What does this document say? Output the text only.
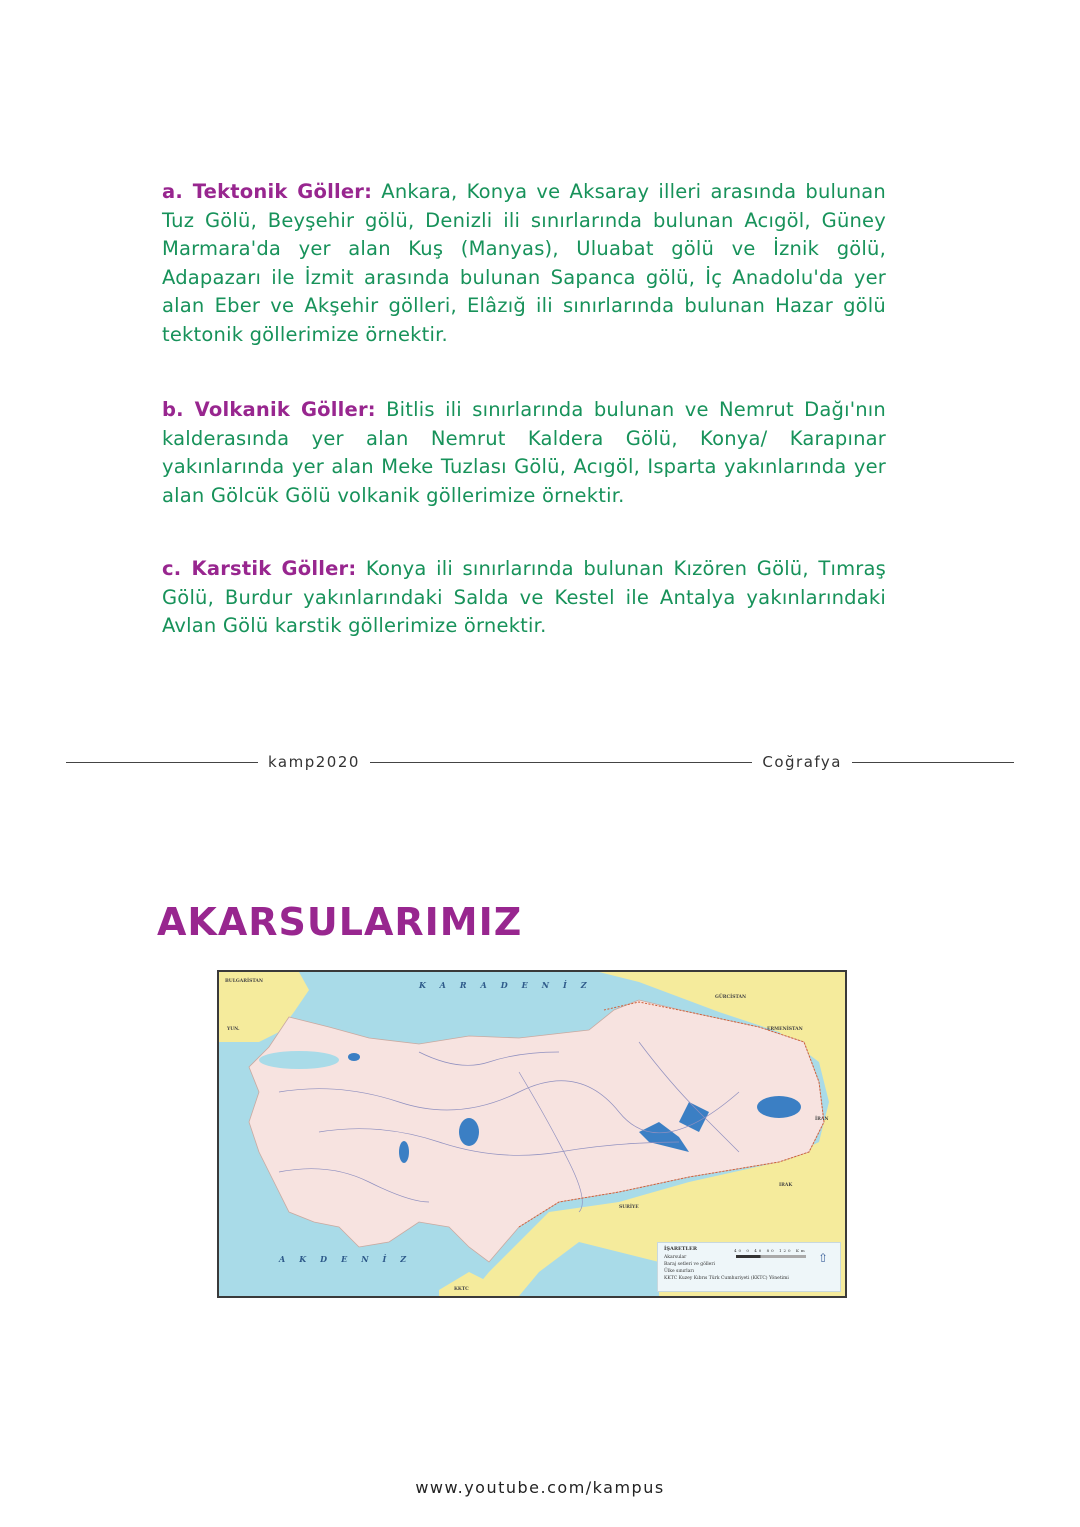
a. Tektonik Göller: Ankara, Konya ve Aksaray illeri arasında bulunan Tuz Gölü, Beyşehir gölü, Denizli ili sınırlarında bulunan Acıgöl, Güney Marmara'da yer alan Kuş (Manyas), Uluabat gölü ve İznik gölü, Adapazarı ile İzmit arasında bulunan Sapanca gölü, İç Anadolu'da yer alan Eber ve Akşehir gölleri, Elâzığ ili sınırlarında bulunan Hazar gölü tektonik göllerimize örnektir.
b. Volkanik Göller: Bitlis ili sınırlarında bulunan ve Nemrut Dağı'nın kalderasında yer alan Nemrut Kaldera Gölü, Konya/ Karapınar yakınlarında yer alan Meke Tuzlası Gölü, Acıgöl, Isparta yakınlarında yer alan Gölcük Gölü volkanik göllerimize örnektir.
c. Karstik Göller: Konya ili sınırlarında bulunan Kızören Gölü, Tımraş Gölü, Burdur yakınlarındaki Salda ve Kestel ile Antalya yakınlarındaki Avlan Gölü karstik göllerimize örnektir.
kamp2020	Coğrafya
AKARSULARIMIZ
KARADENİZ
AKDENİZ
BULGARİSTAN
YUN.
GÜRCİSTAN
ERMENİSTAN
İRAN
IRAK
SURİYE
KKTC
İŞARETLER
Akarsular
Baraj setleri ve gölleri
Ülke sınırları
KKTC Kuzey Kıbrıs Türk Cumhuriyeti (KKTC) Yönetimi
40 0 40 80 120 Km
⇧
www.youtube.com/kampus
